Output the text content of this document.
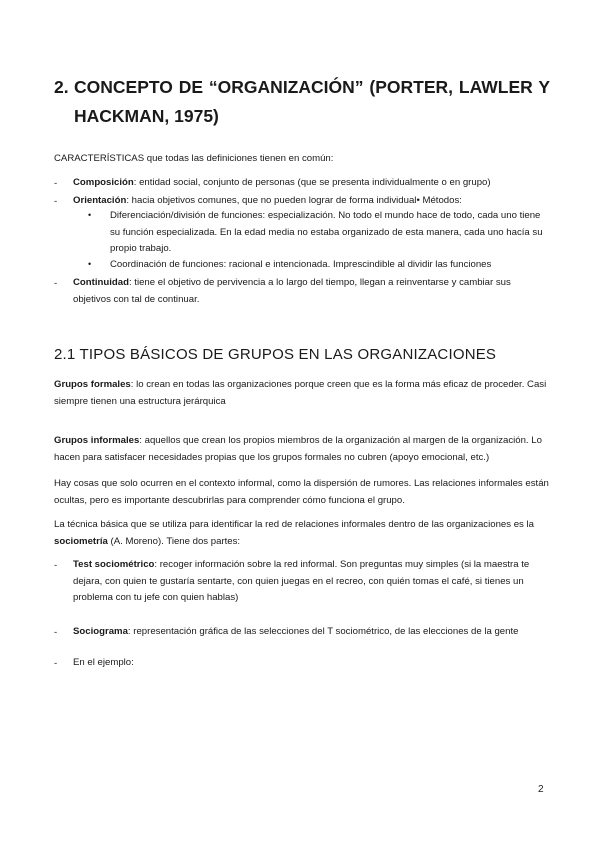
2. CONCEPTO DE “ORGANIZACIÓN” (PORTER, LAWLER Y
HACKMAN, 1975)
CARACTERÍSTICAS que todas las definiciones tienen en común:
- Composición: entidad social, conjunto de personas (que se presenta individualmente o en grupo)
- Orientación: hacia objetivos comunes, que no pueden lograr de forma individual• Métodos:
• Diferenciación/división de funciones: especialización. No todo el mundo hace de todo, cada uno tiene su función especializada. En la edad media no estaba organizado de esta manera, cada uno hacía su propio trabajo.
• Coordinación de funciones: racional e intencionada. Imprescindible al dividir las funciones
- Continuidad: tiene el objetivo de pervivencia a lo largo del tiempo, llegan a reinventarse y cambiar sus objetivos con tal de continuar.
2.1 TIPOS BÁSICOS DE GRUPOS EN LAS ORGANIZACIONES
Grupos formales: lo crean en todas las organizaciones porque creen que es la forma más eficaz de proceder. Casi siempre tienen una estructura jerárquica
Grupos informales: aquellos que crean los propios miembros de la organización al margen de la organización. Lo hacen para satisfacer necesidades propias que los grupos formales no cubren (apoyo emocional, etc.)
Hay cosas que solo ocurren en el contexto informal, como la dispersión de rumores. Las relaciones informales están ocultas, pero es importante descubrirlas para comprender cómo funciona el grupo.
La técnica básica que se utiliza para identificar la red de relaciones informales dentro de las organizaciones es la sociometría (A. Moreno). Tiene dos partes:
- Test sociométrico: recoger información sobre la red informal. Son preguntas muy simples (si la maestra te dejara, con quien te gustaría sentarte, con quien juegas en el recreo, con quién tomas el café, si tienes un problema con tu jefe con quien hablas)
- Sociograma: representación gráfica de las selecciones del T sociométrico, de las elecciones de la gente
- En el ejemplo:
2
